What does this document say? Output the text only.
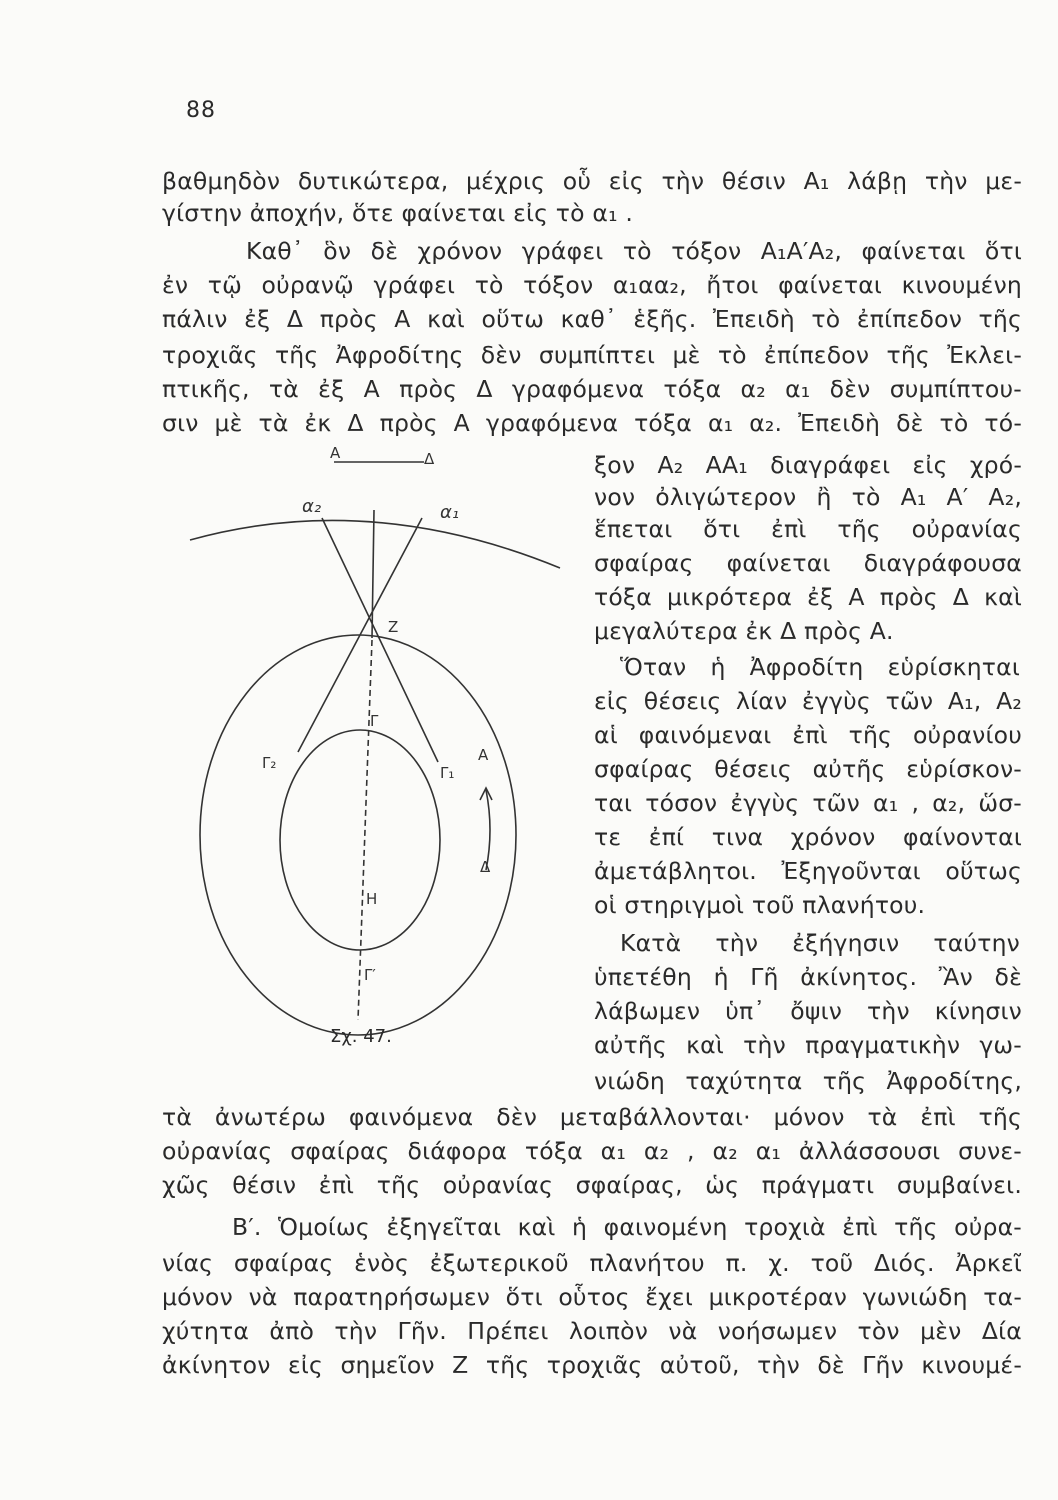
88
βαθμηδὸν δυτικώτερα, μέχρις οὗ εἰς τὴν θέσιν Α₁ λάβῃ τὴν με-
γίστην ἀποχήν, ὅτε φαίνεται εἰς τὸ α₁ .
Καθ᾽ ὃν δὲ χρόνον γράφει τὸ τόξον Α₁Α′Α₂, φαίνεται ὅτι
ἐν τῷ οὐρανῷ γράφει τὸ τόξον α₁αα₂, ἤτοι φαίνεται κινουμένη
πάλιν ἐξ Δ πρὸς Α καὶ οὕτω καθ᾽ ἑξῆς. Ἐπειδὴ τὸ ἐπίπεδον τῆς
τροχιᾶς τῆς Ἀφροδίτης δὲν συμπίπτει μὲ τὸ ἐπίπεδον τῆς Ἐκλει-
πτικῆς, τὰ ἐξ Α πρὸς Δ γραφόμενα τόξα α₂ α₁ δὲν συμπίπτου-
σιν μὲ τὰ ἐκ Δ πρὸς Α γραφόμενα τόξα α₁ α₂. Ἐπειδὴ δὲ τὸ τό-
ξον Α₂ ΑΑ₁ διαγράφει εἰς χρό-
νον ὀλιγώτερον ἢ τὸ Α₁ Α′ Α₂,
ἕπεται ὅτι ἐπὶ τῆς οὐρανίας
σφαίρας φαίνεται διαγράφουσα
τόξα μικρότερα ἐξ Α πρὸς Δ καὶ
μεγαλύτερα ἐκ Δ πρὸς Α.
Ὅταν ἡ Ἀφροδίτη εὑρίσκηται
εἰς θέσεις λίαν ἐγγὺς τῶν Α₁, Α₂
αἱ φαινόμεναι ἐπὶ τῆς οὐρανίου
σφαίρας θέσεις αὐτῆς εὑρίσκον-
ται τόσον ἐγγὺς τῶν α₁ , α₂, ὥσ-
τε ἐπί τινα χρόνον φαίνονται
ἀμετάβλητοι. Ἐξηγοῦνται οὕτως
οἱ στηριγμοὶ τοῦ πλανήτου.
Κατὰ τὴν ἐξήγησιν ταύτην
ὑπετέθη ἡ Γῆ ἀκίνητος. Ἂν δὲ
λάβωμεν ὑπ᾽ ὄψιν τὴν κίνησιν
αὐτῆς καὶ τὴν πραγματικὴν γω-
νιώδη ταχύτητα τῆς Ἀφροδίτης,
τὰ ἀνωτέρω φαινόμενα δὲν μεταβάλλονται· μόνον τὰ ἐπὶ τῆς
οὐρανίας σφαίρας διάφορα τόξα α₁ α₂ , α₂ α₁ ἀλλάσσουσι συνε-
χῶς θέσιν ἐπὶ τῆς οὐρανίας σφαίρας, ὡς πράγματι συμβαίνει.
Β′. Ὁμοίως ἐξηγεῖται καὶ ἡ φαινομένη τροχιὰ ἐπὶ τῆς οὐρα-
νίας σφαίρας ἑνὸς ἐξωτερικοῦ πλανήτου π. χ. τοῦ Διός. Ἀρκεῖ
μόνον νὰ παρατηρήσωμεν ὅτι οὗτος ἔχει μικροτέραν γωνιώδη τα-
χύτητα ἀπὸ τὴν Γῆν. Πρέπει λοιπὸν νὰ νοήσωμεν τὸν μὲν Δία
ἀκίνητον εἰς σημεῖον Ζ τῆς τροχιᾶς αὐτοῦ, τὴν δὲ Γῆν κινουμέ-
A	Δ
α₂	α₁
Z
Γ
Γ₂
Γ₁
A
Δ
H
Γ′
Σχ. 47.
